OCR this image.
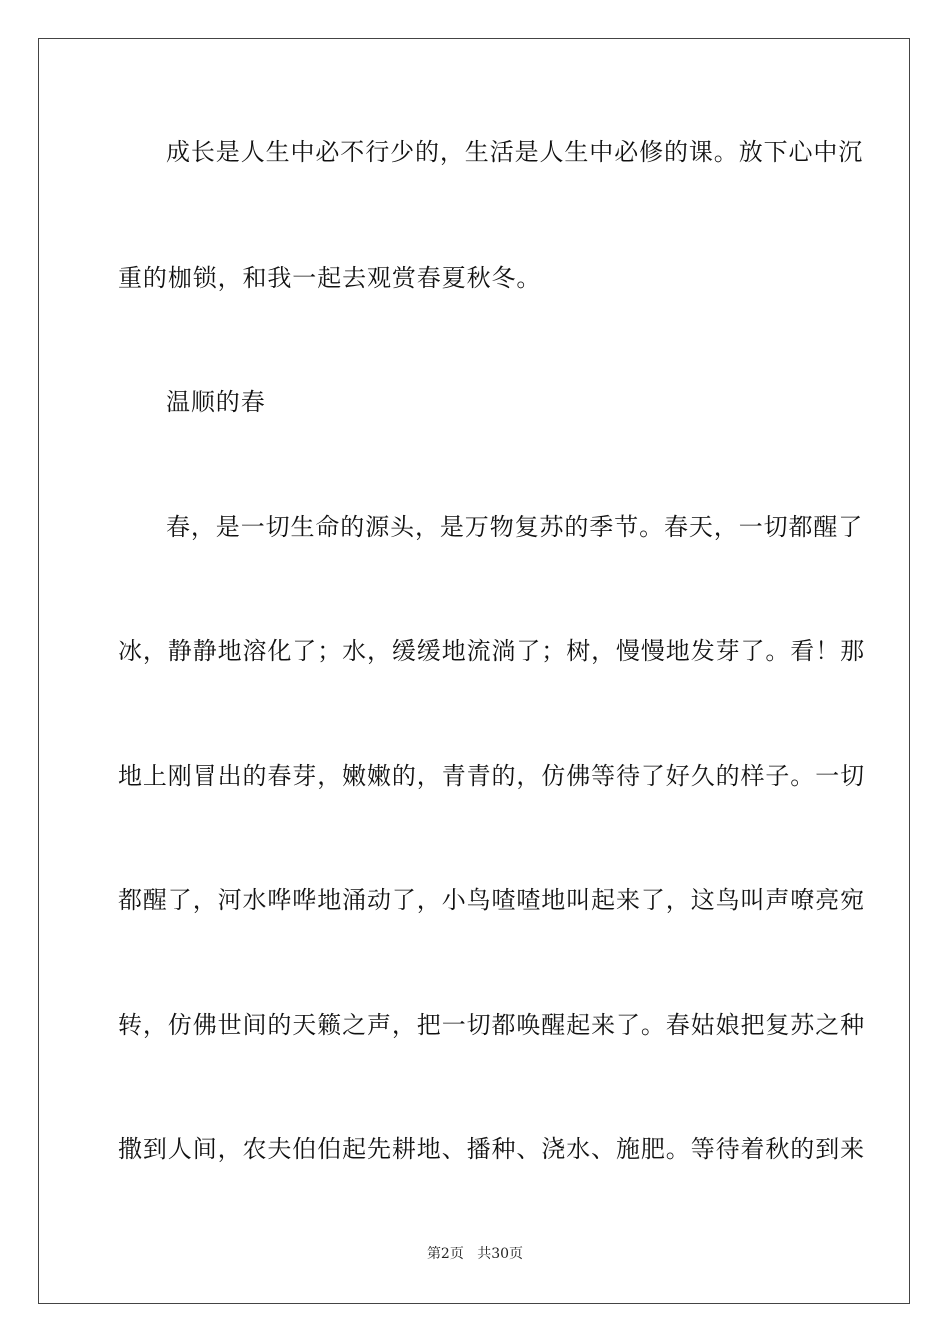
成长是人生中必不行少的，生活是人生中必修的课。放下心中沉
重的枷锁，和我一起去观赏春夏秋冬。
温顺的春
春，是一切生命的源头，是万物复苏的季节。春天，一切都醒了
冰，静静地溶化了；水，缓缓地流淌了；树，慢慢地发芽了。看！那
地上刚冒出的春芽，嫩嫩的，青青的，仿佛等待了好久的样子。一切
都醒了，河水哗哗地涌动了，小鸟喳喳地叫起来了，这鸟叫声嘹亮宛
转，仿佛世间的天籁之声，把一切都唤醒起来了。春姑娘把复苏之种
撒到人间，农夫伯伯起先耕地、播种、浇水、施肥。等待着秋的到来
第2页 共30页
